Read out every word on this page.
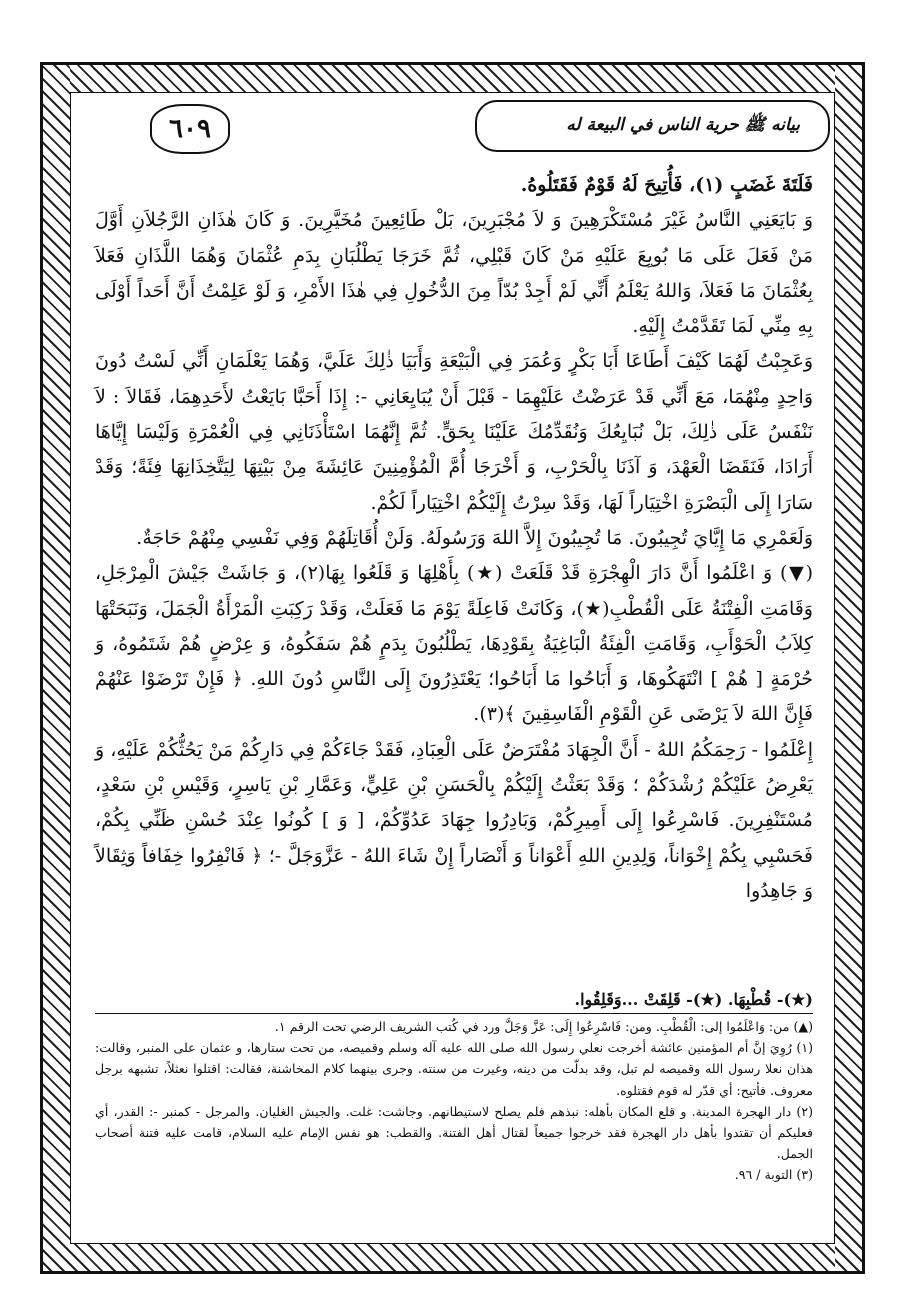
بيانه ﷺ حرية الناس في البيعة له
٦٠٩

فَلَتَةَ غَضَبٍ (١)، فَأُتِيحَ لَهُ قَوْمٌ فَقَتَلُوهُ.

وَ بَايَعَنِي النَّاسُ غَيْرَ مُسْتَكْرَهِينَ وَ لاَ مُجْبَرِينَ، بَلْ طَائِعِينَ مُخَيَّرِينَ. وَ كَانَ هٰذَانِ الرَّجُلاَنِ أَوَّلَ مَنْ فَعَلَ عَلَى مَا بُويِعَ عَلَيْهِ مَنْ كَانَ قَبْلِي، ثُمَّ خَرَجَا يَطْلُبَانِ بِدَمِ عُثْمَانَ وَهُمَا اللَّذَانِ فَعَلاَ بِعُثْمَانَ مَا فَعَلاَ، وَاللهُ يَعْلَمُ أَنِّي لَمْ أَجِدْ بُدّاً مِنَ الدُّخُولِ فِي هٰذَا الأَمْرِ، وَ لَوْ عَلِمْتُ أَنَّ أَحَداً أَوْلَى بِهِ مِنِّي لَمَا تَقَدَّمْتُ إِلَيْهِ.

وَعَجِبْتُ لَهُمَا كَيْفَ أَطَاعَا أَبَا بَكْرٍ وَعُمَرَ فِي الْبَيْعَةِ وَأَبَيَا ذٰلِكَ عَلَيَّ، وَهُمَا يَعْلَمَانِ أَنِّي لَسْتُ دُونَ وَاحِدٍ مِنْهُمَا، مَعَ أَنِّي قَدْ عَرَضْتُ عَلَيْهِمَا - قَبْلَ أَنْ يُبَايِعَانِي -: إِذَا أَحَبَّا بَايَعْتُ لأَحَدِهِمَا، فَقَالاَ : لاَ نَنْفَسُ عَلَى ذٰلِكَ، بَلْ نُبَايِعُكَ وَنُقَدِّمُكَ عَلَيْنَا بِحَقٍّ. ثُمَّ إِنَّهُمَا اسْتَأْذَنَانِي فِي الْعُمْرَةِ وَلَيْسَا إِيَّاهَا أَرَادَا، فَنَقَضَا الْعَهْدَ، وَ آذَنَا بِالْحَرْبِ، وَ أَخْرَجَا أُمَّ الْمُؤْمِنِينَ عَائِشَةَ مِنْ بَيْتِهَا لِيَتَّخِذَانِهَا فِئَةً؛ وَقَدْ سَارَا إِلَى الْبَصْرَةِ اخْتِيَاراً لَهَا، وَقَدْ سِرْتُ إِلَيْكُمْ اخْتِيَاراً لَكُمْ.

وَلَعَمْرِي مَا إِيَّايَ تُجِيبُونَ. مَا تُجِيبُونَ إِلاَّ اللهَ وَرَسُولَهُ. وَلَنْ أُقَاتِلَهُمْ وَفِي نَفْسِي مِنْهُمْ حَاجَةٌ.

(▼) وَ اعْلَمُوا أَنَّ دَارَ الْهِجْرَةِ قَدْ قَلَعَتْ (★) بِأَهْلِهَا وَ قَلَعُوا بِهَا(٢)، وَ جَاشَتْ جَيْشَ الْمِرْجَلِ، وَقَامَتِ الْفِتْنَةُ عَلَى الْقُطْبِ(★)، وَكَانَتْ فَاعِلَةً يَوْمَ مَا فَعَلَتْ، وَقَدْ رَكِبَتِ الْمَرْأَةُ الْجَمَلَ، وَنَبَحَتْهَا كِلاَبُ الْحَوْأَبِ، وَقَامَتِ الْفِئَةُ الْبَاغِيَةُ بِقَوْدِهَا، يَطْلُبُونَ بِدَمٍ هُمْ سَفَكُوهُ، وَ عِرْضٍ هُمْ شَتَمُوهُ، وَ حُرْمَةٍ [ هُمْ ] انْتَهَكُوهَا، وَ أَبَاحُوا مَا أَبَاحُوا؛ يَعْتَذِرُونَ إِلَى النَّاسِ دُونَ اللهِ. ﴿ فَإِنْ تَرْضَوْا عَنْهُمْ فَإِنَّ اللهَ لاَ يَرْضَى عَنِ الْقَوْمِ الْفَاسِقِينَ ﴾(٣).

إِعْلَمُوا - رَحِمَكُمُ اللهُ - أَنَّ الْجِهَادَ مُفْتَرَضٌ عَلَى الْعِبَادِ، فَقَدْ جَاءَكُمْ فِي دَارِكُمْ مَنْ يَحُثُّكُمْ عَلَيْهِ، وَ يَعْرِضُ عَلَيْكُمْ رُشْدَكُمْ ؛ وَقَدْ بَعَثْتُ إِلَيْكُمْ بِالْحَسَنِ بْنِ عَلِيٍّ، وَعَمَّارِ بْنِ يَاسِرٍ، وَقَيْسِ بْنِ سَعْدٍ، مُسْتَنْفِرِينَ. فَاسْرِعُوا إِلَى أَمِيرِكُمْ، وَبَادِرُوا جِهَادَ عَدُوِّكُمْ، [ وَ ] كُونُوا عِنْدَ حُسْنِ ظَنِّي بِكُمْ، فَحَسْبِي بِكُمْ إِخْوَاناً، وَلِدِينِ اللهِ أَعْوَاناً وَ أَنْصَاراً إِنْ شَاءَ اللهُ - عَزَّوَجَلَّ -؛ ﴿ فَانْفِرُوا خِفَافاً وَثِقَالاً وَ جَاهِدُوا

(★)- قُطْبِهَا. (★)- قَلِقَتْ ...وَقَلِقُوا.

(▲) من: وَاعْلَمُوا إلى: الْقُطْبِ. ومن: فَاسْرِعُوا إِلَى: عَزَّ وَجَلَّ ورد في كُتب الشريف الرضي تحت الرقم ١.

(١) رُوِيَ إنَّ أم المؤمنين عائشة أخرجت نعلي رسول الله صلى الله عليه آله وسلم وقميصه، من تحت ستارها، و عثمان على المنبر، وقالت: هذان نعلا رسول الله وقميصه لم تبل، وقد بدلّت من دينه، وغيرت من سنته. وجرى بينهما كلام المخاشنة، فقالت: اقتلوا نعثلاً، تشبهه برجل معروف. فأتيح: أي قدّر له قوم فقتلوه.

(٢) دار الهجرة المدينة. و قلع المكان بأهله: نبذهم فلم يصلح لاستيطانهم. وجاشت: غلت. والجيش الغليان. والمرجل - كمنبر -: القدر، أي فعليكم أن تقتدوا بأهل دار الهجرة فقد خرجوا جميعاً لقتال أهل الفتنة. والقطب: هو نفس الإمام عليه السلام، قامت عليه فتنة أصحاب الجمل.

(٣) التوبة / ٩٦.
